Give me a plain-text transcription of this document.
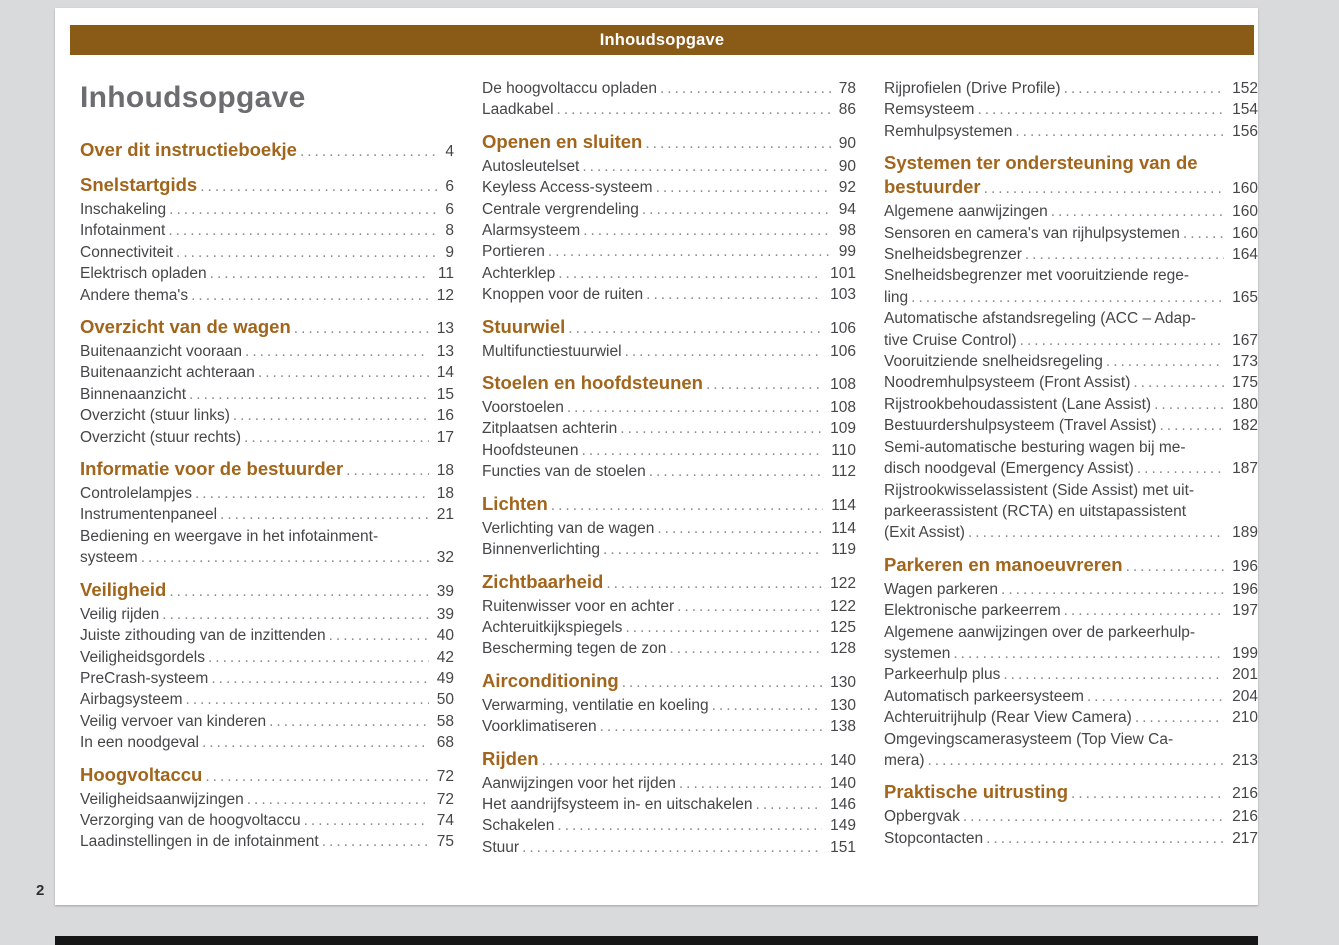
Inhoudsopgave
Inhoudsopgave
Over dit instructieboekje .....	4
Snelstartgids .....	6
Inschakeling .....	6
Infotainment .....	8
Connectiviteit .....	9
Elektrisch opladen .....	11
Andere thema's .....	12
Overzicht van de wagen .....	13
Buitenaanzicht vooraan .....	13
Buitenaanzicht achteraan .....	14
Binnenaanzicht .....	15
Overzicht (stuur links) .....	16
Overzicht (stuur rechts) .....	17
Informatie voor de bestuurder .....	18
Controlelampjes .....	18
Instrumentenpaneel .....	21
Bediening en weergave in het infotainment-
systeem .....	32
Veiligheid .....	39
Veilig rijden .....	39
Juiste zithouding van de inzittenden .....	40
Veiligheidsgordels .....	42
PreCrash-systeem .....	49
Airbagsysteem .....	50
Veilig vervoer van kinderen .....	58
In een noodgeval .....	68
Hoogvoltaccu .....	72
Veiligheidsaanwijzingen .....	72
Verzorging van de hoogvoltaccu .....	74
Laadinstellingen in de infotainment .....	75
De hoogvoltaccu opladen .....	78
Laadkabel .....	86
Openen en sluiten .....	90
Autosleutelset .....	90
Keyless Access-systeem .....	92
Centrale vergrendeling .....	94
Alarmsysteem .....	98
Portieren .....	99
Achterklep .....	101
Knoppen voor de ruiten .....	103
Stuurwiel .....	106
Multifunctiestuurwiel .....	106
Stoelen en hoofdsteunen .....	108
Voorstoelen .....	108
Zitplaatsen achterin .....	109
Hoofdsteunen .....	110
Functies van de stoelen .....	112
Lichten .....	114
Verlichting van de wagen .....	114
Binnenverlichting .....	119
Zichtbaarheid .....	122
Ruitenwisser voor en achter .....	122
Achteruitkijkspiegels .....	125
Bescherming tegen de zon .....	128
Airconditioning .....	130
Verwarming, ventilatie en koeling .....	130
Voorklimatiseren .....	138
Rijden .....	140
Aanwijzingen voor het rijden .....	140
Het aandrijfsysteem in- en uitschakelen .....	146
Schakelen .....	149
Stuur .....	151
Rijprofielen (Drive Profile) .....	152
Remsysteem .....	154
Remhulpsystemen .....	156
Systemen ter ondersteuning van de
bestuurder .....	160
Algemene aanwijzingen .....	160
Sensoren en camera's van rijhulpsystemen .....	160
Snelheidsbegrenzer .....	164
Snelheidsbegrenzer met vooruitziende rege-
ling .....	165
Automatische afstandsregeling (ACC – Adap-
tive Cruise Control) .....	167
Vooruitziende snelheidsregeling .....	173
Noodremhulpsysteem (Front Assist) .....	175
Rijstrookbehoudassistent (Lane Assist) .....	180
Bestuurdershulpsysteem (Travel Assist) .....	182
Semi-automatische besturing wagen bij me-
disch noodgeval (Emergency Assist) .....	187
Rijstrookwisselassistent (Side Assist) met uit-
parkeerassistent (RCTA) en uitstapassistent
(Exit Assist) .....	189
Parkeren en manoeuvreren .....	196
Wagen parkeren .....	196
Elektronische parkeerrem .....	197
Algemene aanwijzingen over de parkeerhulp-
systemen .....	199
Parkeerhulp plus .....	201
Automatisch parkeersysteem .....	204
Achteruitrijhulp (Rear View Camera) .....	210
Omgevingscamerasysteem (Top View Ca-
mera) .....	213
Praktische uitrusting .....	216
Opbergvak .....	216
Stopcontacten .....	217
2
